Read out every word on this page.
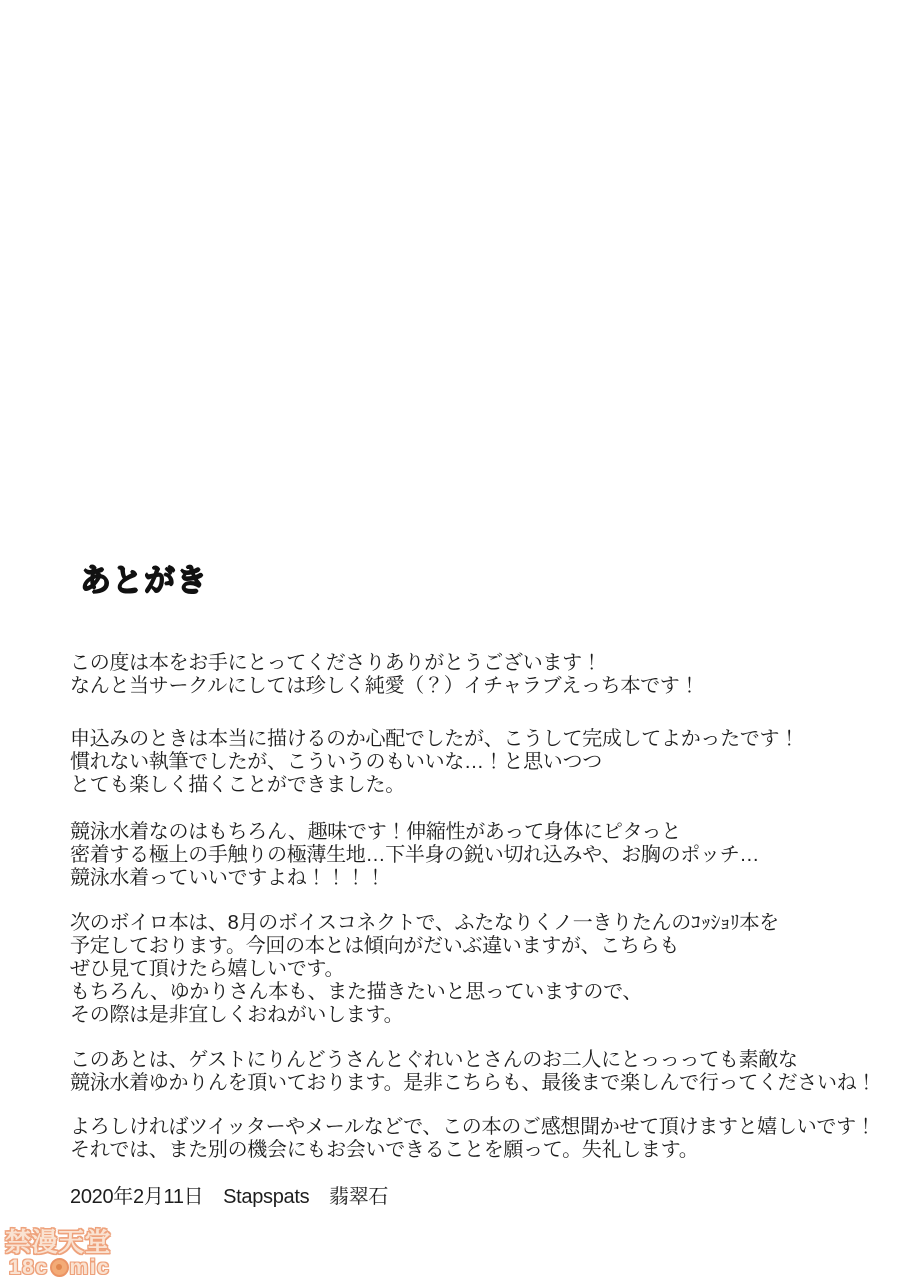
あとがき

この度は本をお手にとってくださりありがとうございます！
なんと当サークルにしては珍しく純愛（？）イチャラブえっち本です！

申込みのときは本当に描けるのか心配でしたが、こうして完成してよかったです！
慣れない執筆でしたが、こういうのもいいな…！と思いつつ
とても楽しく描くことができました。

競泳水着なのはもちろん、趣味です！伸縮性があって身体にピタっと
密着する極上の手触りの極薄生地…下半身の鋭い切れ込みや、お胸のポッチ…
競泳水着っていいですよね！！！！

次のボイロ本は、8月のボイスコネクトで、ふたなりくノ一きりたんのｺｯｼｮﾘ本を
予定しております。今回の本とは傾向がだいぶ違いますが、こちらも
ぜひ見て頂けたら嬉しいです。
もちろん、ゆかりさん本も、また描きたいと思っていますので、
その際は是非宜しくおねがいします。

このあとは、ゲストにりんどうさんとぐれいとさんのお二人にとっっっても素敵な
競泳水着ゆかりんを頂いております。是非こちらも、最後まで楽しんで行ってくださいね！

よろしければツイッターやメールなどで、この本のご感想聞かせて頂けますと嬉しいです！
それでは、また別の機会にもお会いできることを願って。失礼します。

2020年2月11日　Stapspats　翡翠石
禁漫天堂
18c mic
